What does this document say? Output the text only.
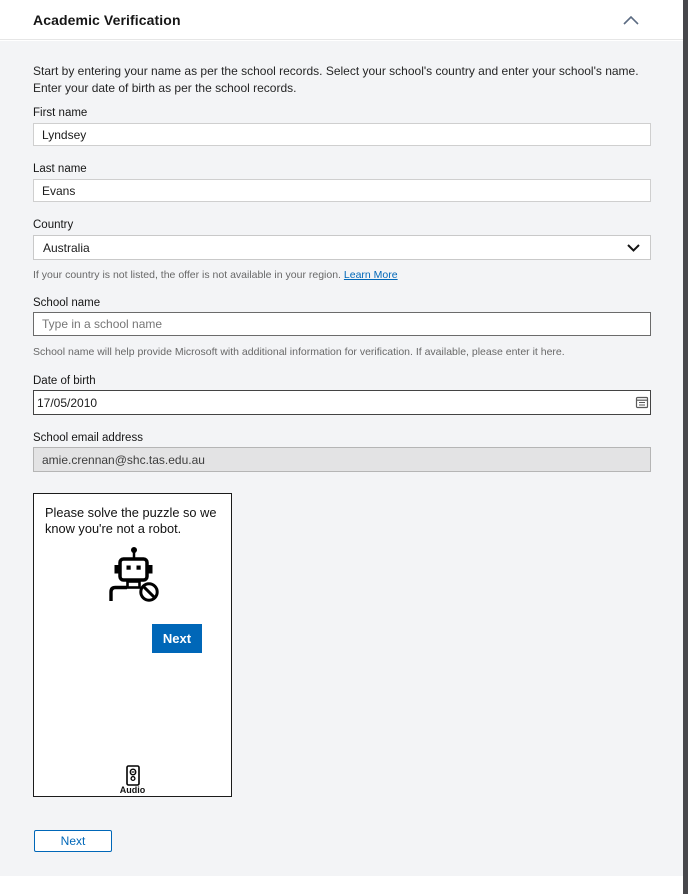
Academic Verification
Start by entering your name as per the school records. Select your school's country and enter your school's name. Enter your date of birth as per the school records.
First name
Lyndsey
Last name
Evans
Country
Australia
If your country is not listed, the offer is not available in your region. Learn More
School name
Type in a school name
School name will help provide Microsoft with additional information for verification. If available, please enter it here.
Date of birth
17/05/2010
School email address
amie.crennan@shc.tas.edu.au
Please solve the puzzle so we know you're not a robot.
Next
Audio
Next
